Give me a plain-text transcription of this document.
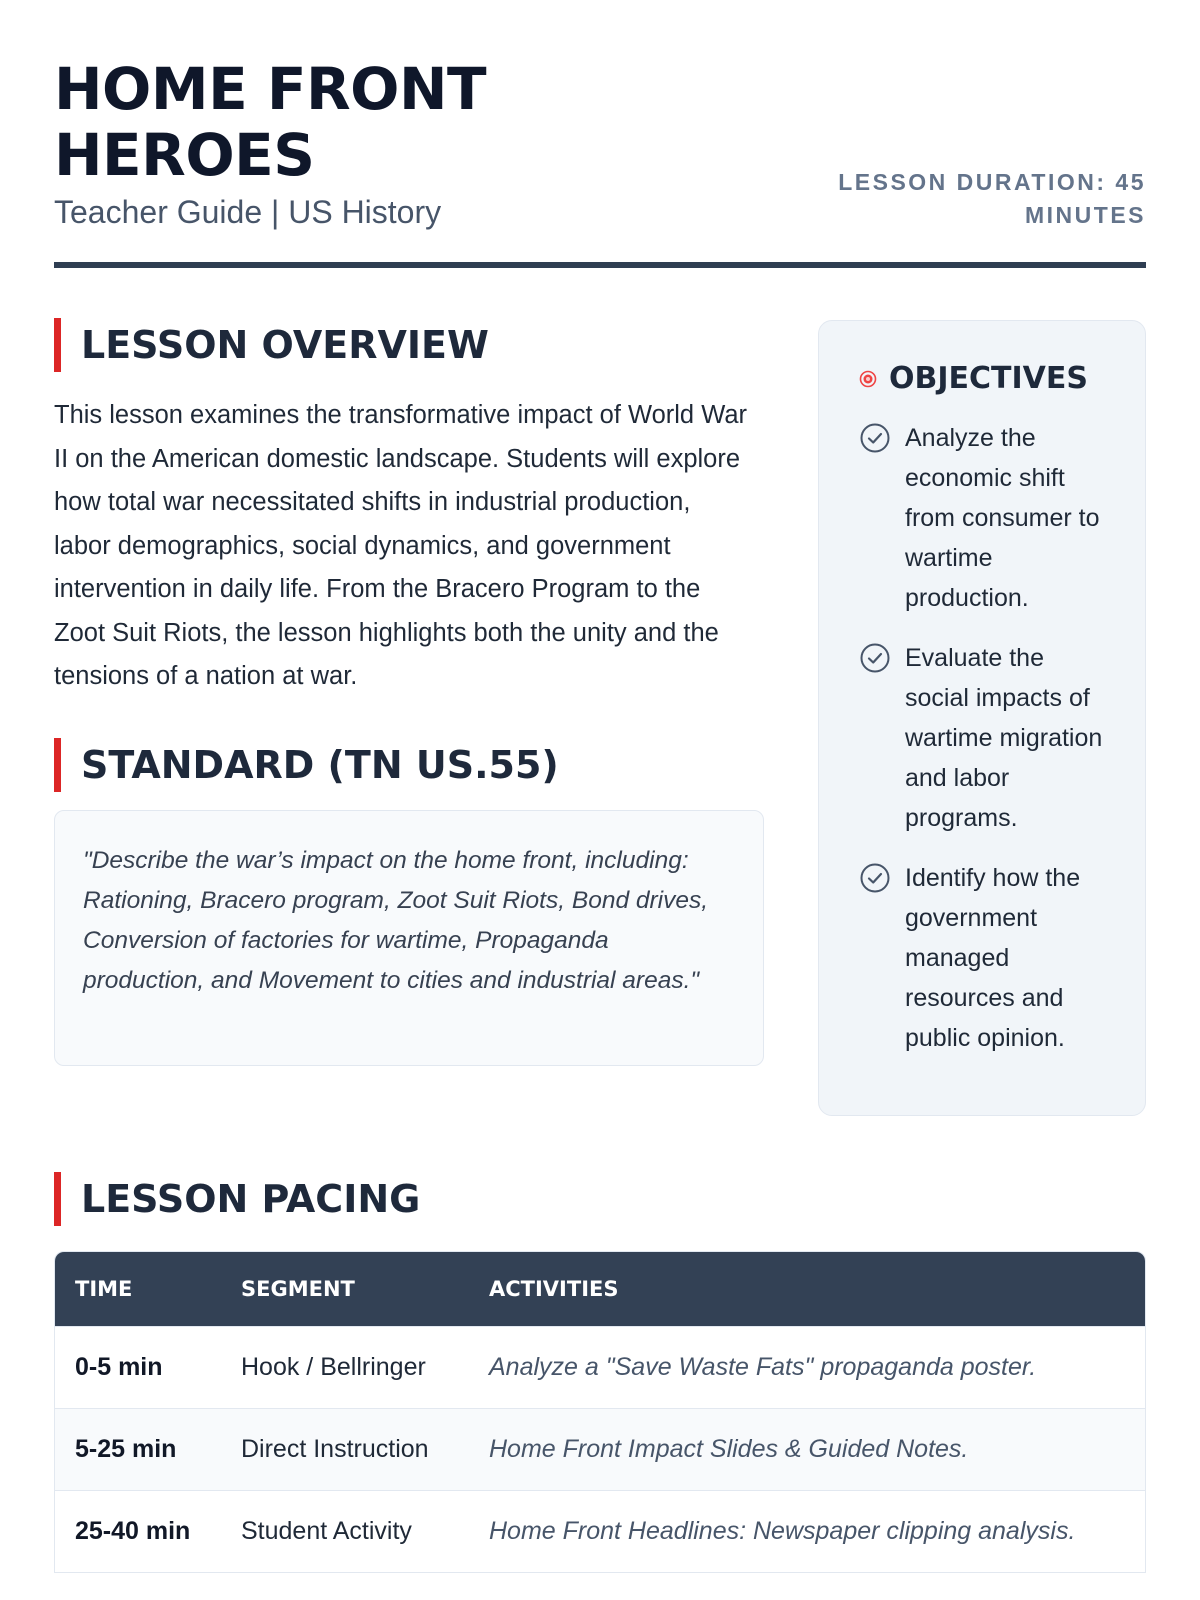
HOME FRONT
HEROES
Teacher Guide | US History
LESSON DURATION: 45
MINUTES
LESSON OVERVIEW

This lesson examines the transformative impact of World War II on the American domestic landscape. Students will explore how total war necessitated shifts in industrial production, labor demographics, social dynamics, and government intervention in daily life. From the Bracero Program to the Zoot Suit Riots, the lesson highlights both the unity and the tensions of a nation at war.

STANDARD (TN US.55)

"Describe the war’s impact on the home front, including: Rationing, Bracero program, Zoot Suit Riots, Bond drives, Conversion of factories for wartime, Propaganda production, and Movement to cities and industrial areas."

OBJECTIVES
Analyze the economic shift from consumer to wartime production.
Evaluate the social impacts of wartime migration and labor programs.
Identify how the government managed resources and public opinion.
LESSON PACING
TIME	SEGMENT	ACTIVITIES
0-5 min	Hook / Bellringer	Analyze a "Save Waste Fats" propaganda poster.
5-25 min	Direct Instruction	Home Front Impact Slides & Guided Notes.
25-40 min	Student Activity	Home Front Headlines: Newspaper clipping analysis.
